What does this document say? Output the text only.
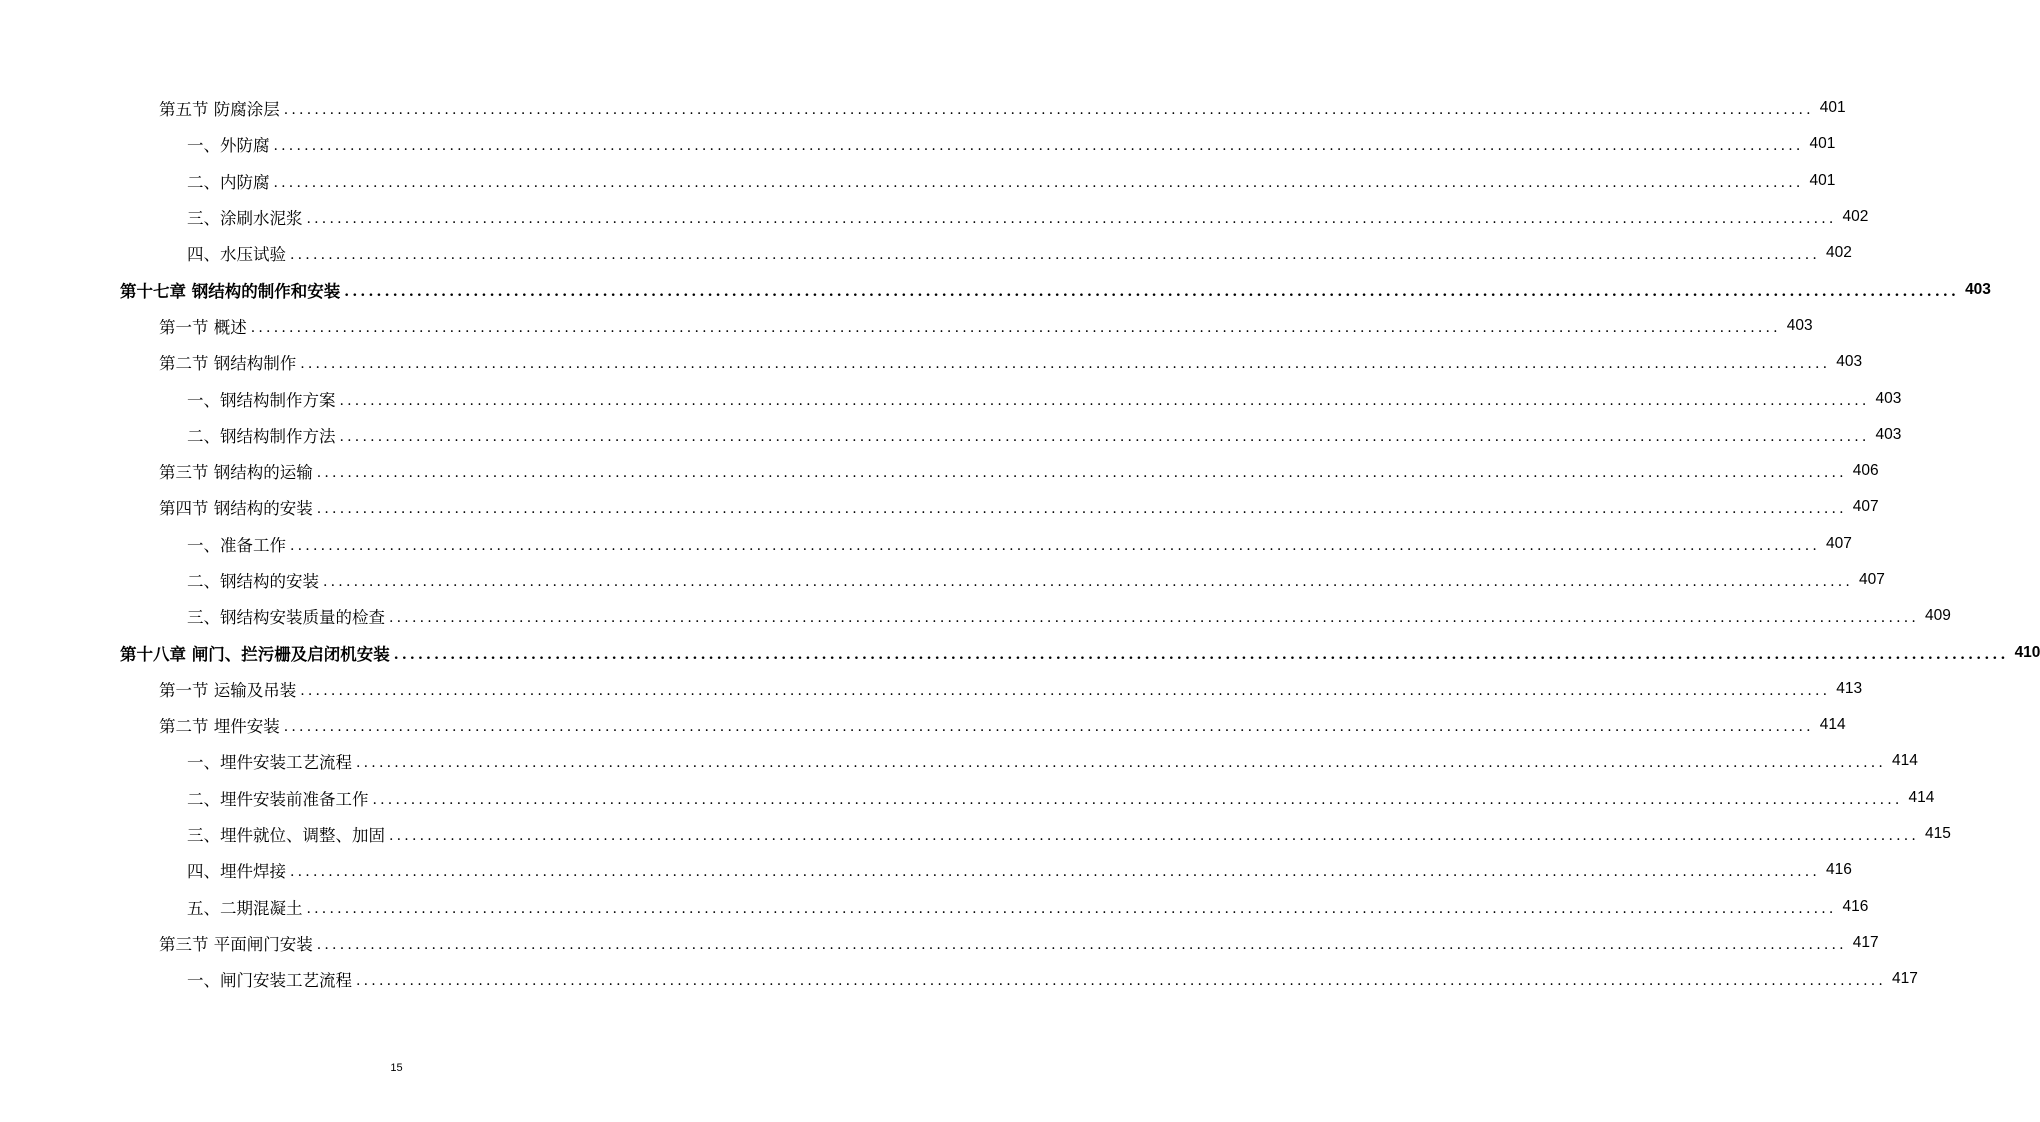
第五节 防腐涂层 ........................................................................................................................................................................................................ 401
一、外防腐 ........................................................................................................................................................................................................ 401
二、内防腐 ........................................................................................................................................................................................................ 401
三、涂刷水泥浆 ........................................................................................................................................................................................................ 402
四、水压试验 ........................................................................................................................................................................................................ 402
第十七章 钢结构的制作和安装 ........................................................................................................................................................................................................ 403
第一节 概述 ........................................................................................................................................................................................................ 403
第二节 钢结构制作 ........................................................................................................................................................................................................ 403
一、钢结构制作方案 ........................................................................................................................................................................................................ 403
二、钢结构制作方法 ........................................................................................................................................................................................................ 403
第三节 钢结构的运输 ........................................................................................................................................................................................................ 406
第四节 钢结构的安装 ........................................................................................................................................................................................................ 407
一、准备工作 ........................................................................................................................................................................................................ 407
二、钢结构的安装 ........................................................................................................................................................................................................ 407
三、钢结构安装质量的检查 ........................................................................................................................................................................................................ 409
第十八章 闸门、拦污栅及启闭机安装 ........................................................................................................................................................................................................ 410
第一节 运输及吊装 ........................................................................................................................................................................................................ 413
第二节 埋件安装 ........................................................................................................................................................................................................ 414
一、埋件安装工艺流程 ........................................................................................................................................................................................................ 414
二、埋件安装前准备工作 ........................................................................................................................................................................................................ 414
三、埋件就位、调整、加固 ........................................................................................................................................................................................................ 415
四、埋件焊接 ........................................................................................................................................................................................................ 416
五、二期混凝土 ........................................................................................................................................................................................................ 416
第三节 平面闸门安装 ........................................................................................................................................................................................................ 417
一、闸门安装工艺流程 ........................................................................................................................................................................................................ 417
15
